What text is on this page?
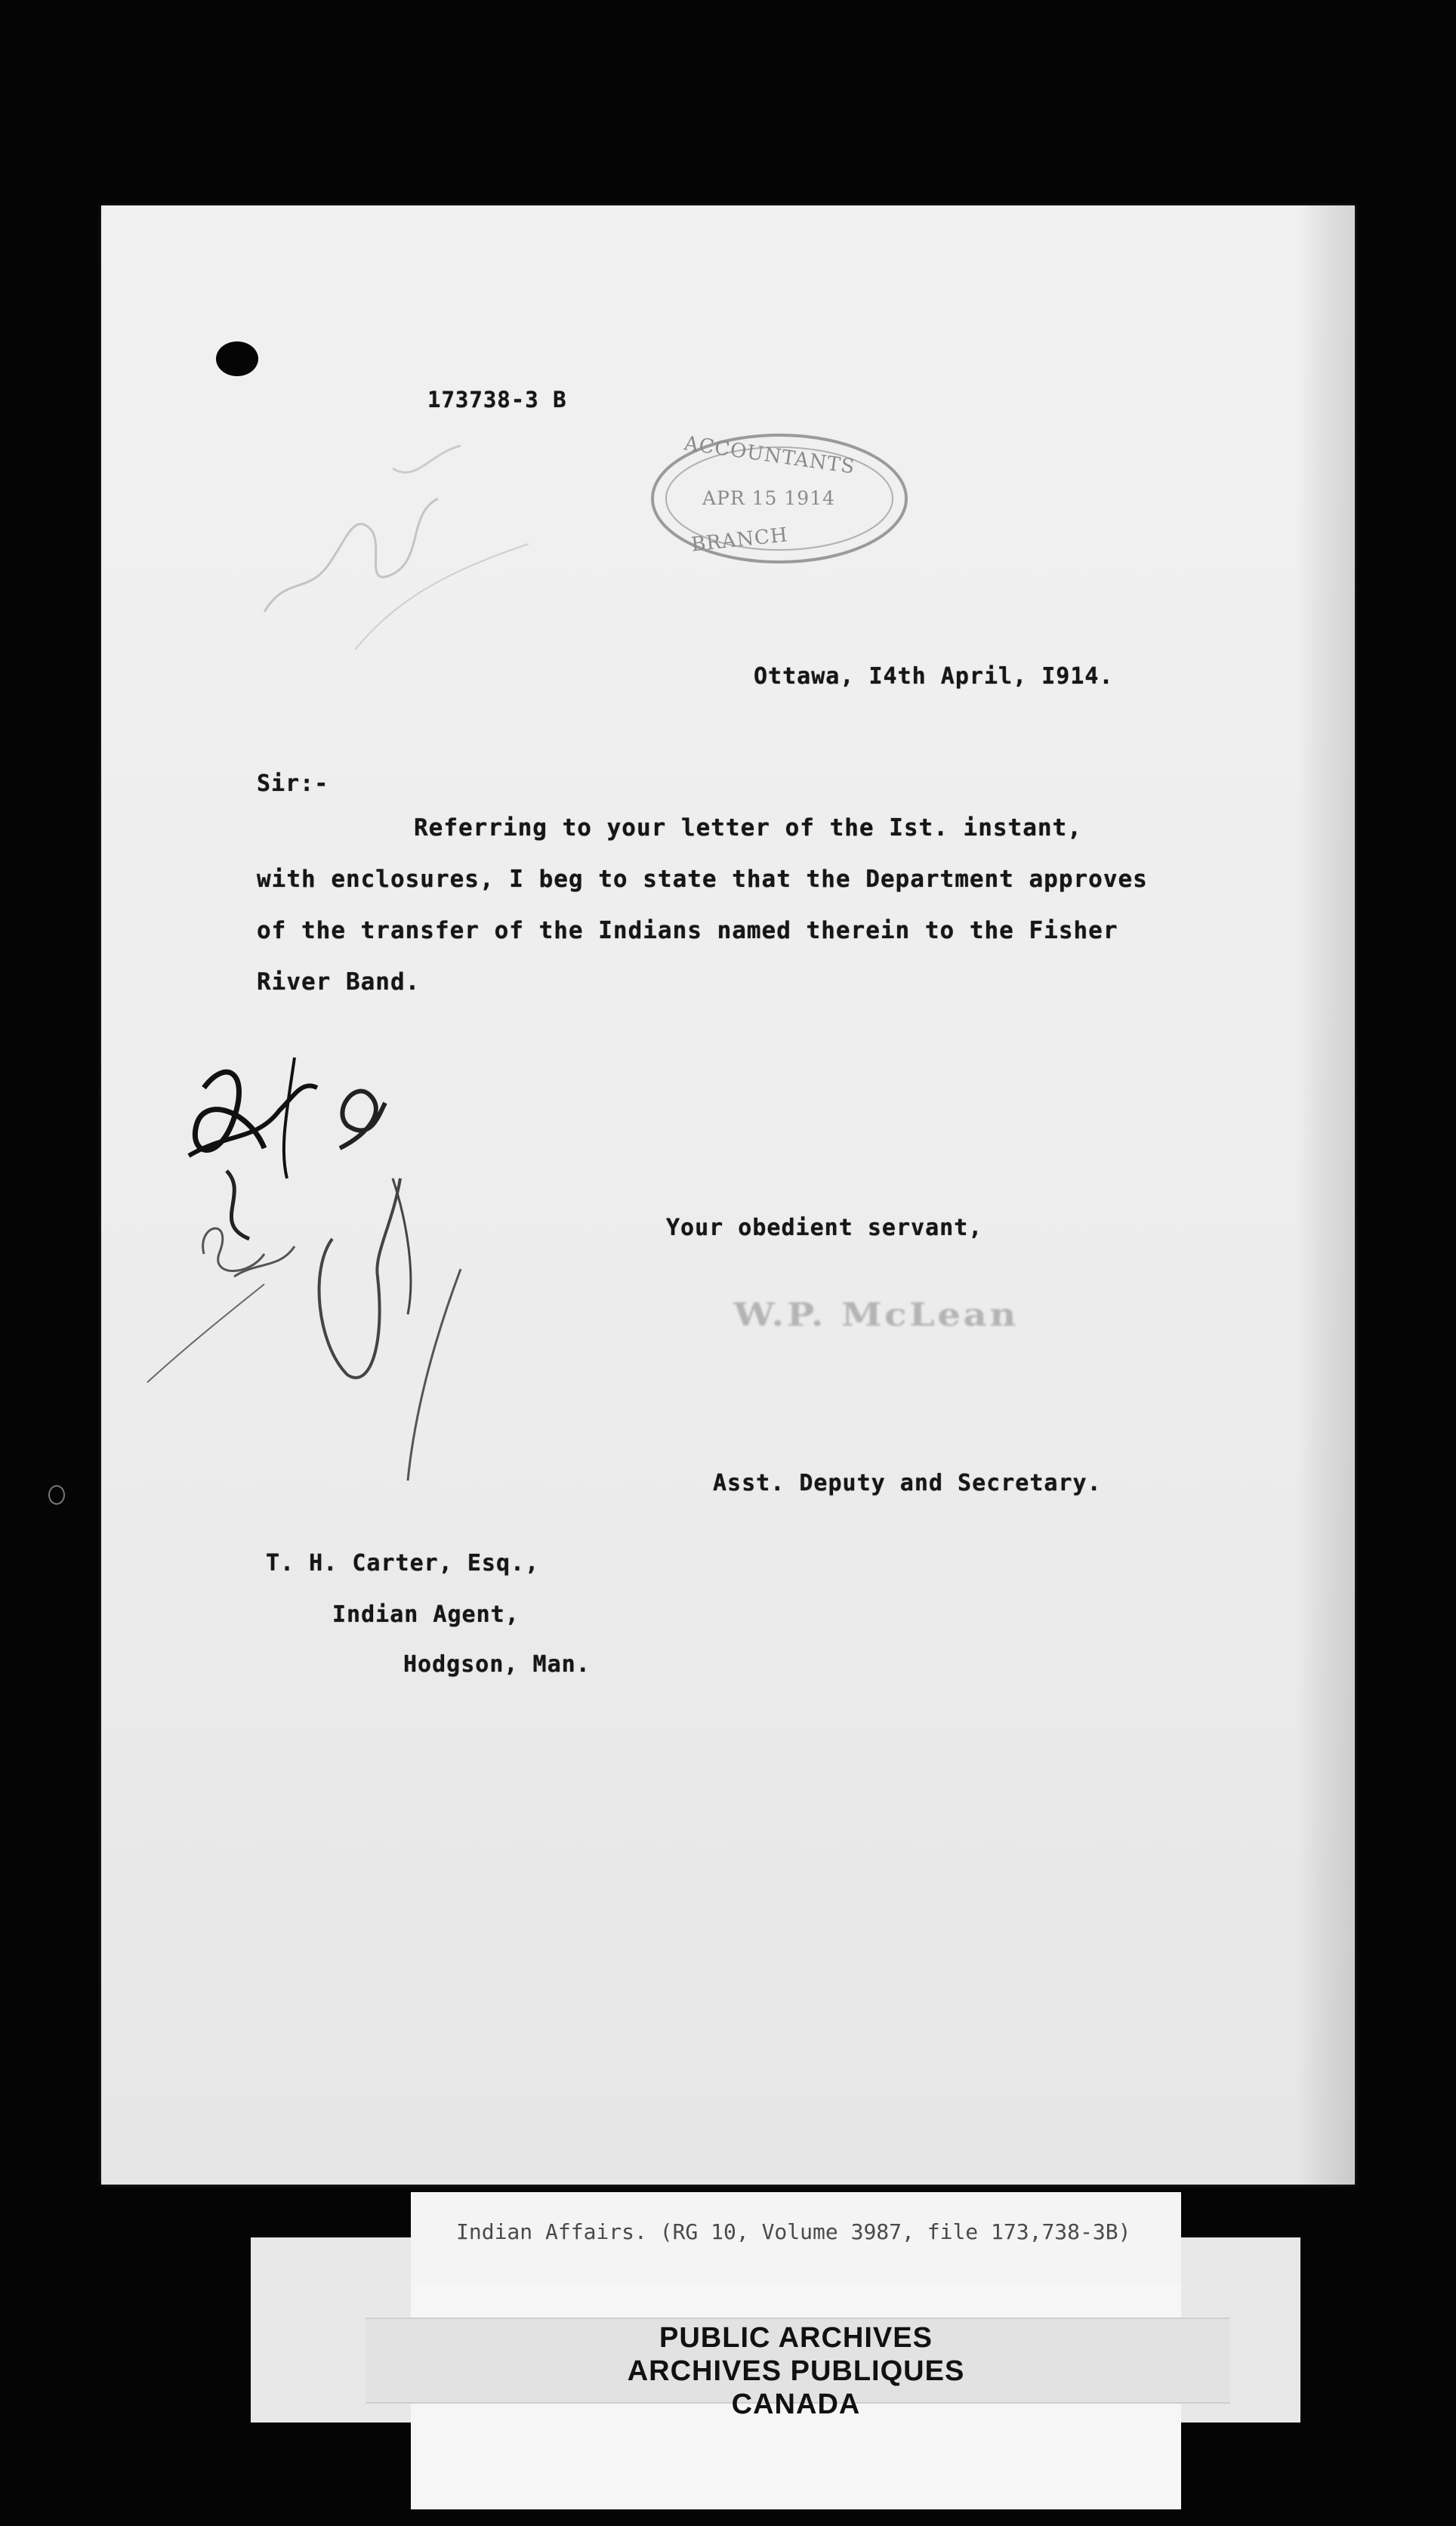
173738-3 B
ACCOUNTANTS
APR 15 1914
BRANCH
Ottawa, I4th April, I914.
Sir:-
Referring to your letter of the Ist. instant,
with enclosures, I beg to state that the Department approves
of the transfer of the Indians named therein to the Fisher
River Band.
Your obedient servant,
W.P. McLean
Asst. Deputy and Secretary.
T. H. Carter, Esq.,
Indian Agent,
Hodgson, Man.
Indian Affairs. (RG 10, Volume 3987, file 173,738-3B)
PUBLIC ARCHIVES
ARCHIVES PUBLIQUES
CANADA
